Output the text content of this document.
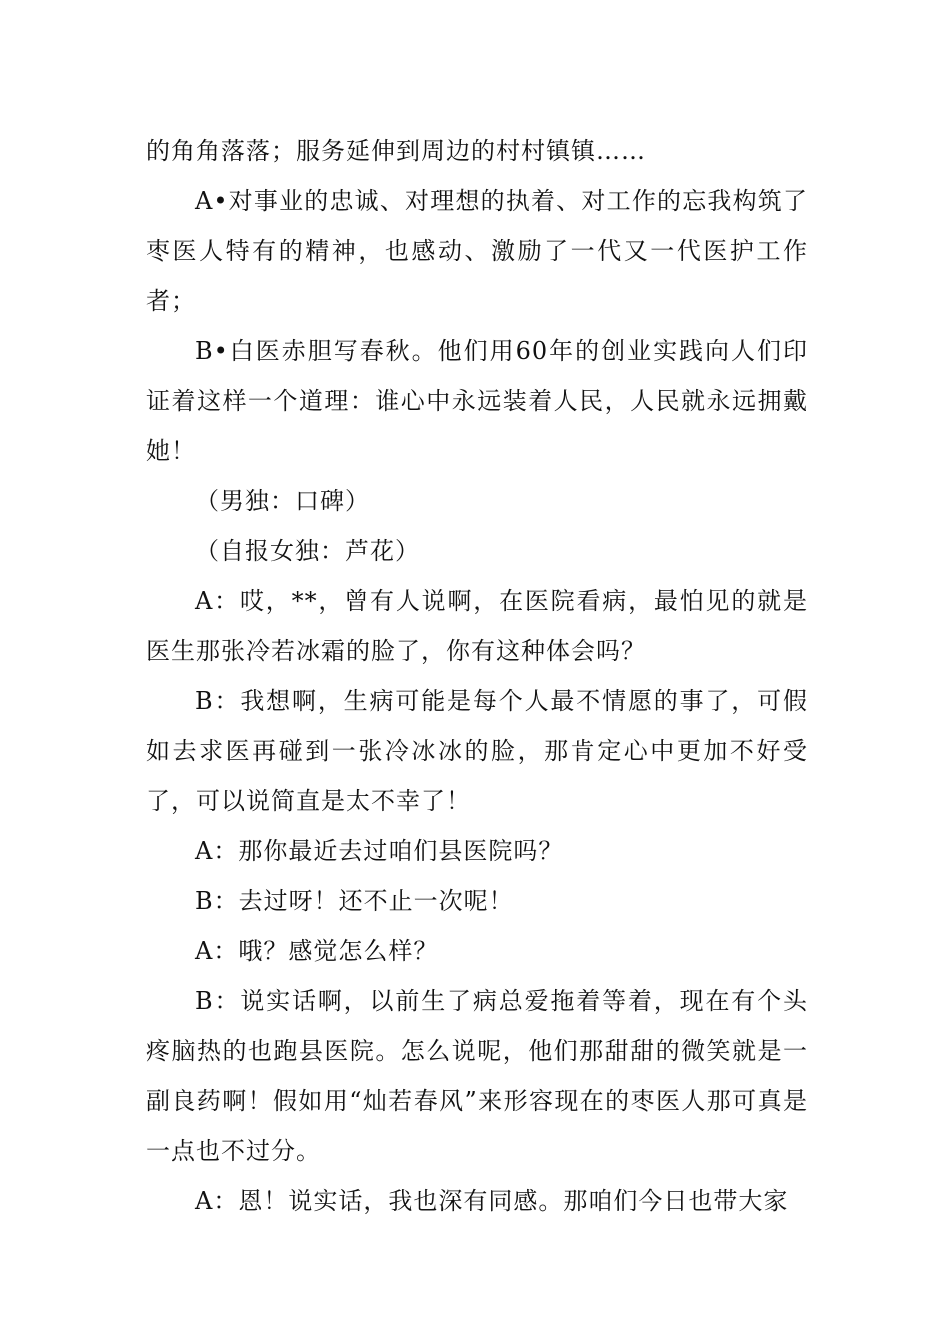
的角角落落；服务延伸到周边的村村镇镇……

A•对事业的忠诚、对理想的执着、对工作的忘我构筑了枣医人特有的精神，也感动、激励了一代又一代医护工作者；

B•白医赤胆写春秋。他们用60年的创业实践向人们印证着这样一个道理：谁心中永远装着人民，人民就永远拥戴她！

（男独：口碑）

（自报女独：芦花）

A：哎，**，曾有人说啊，在医院看病，最怕见的就是医生那张冷若冰霜的脸了，你有这种体会吗？

B：我想啊，生病可能是每个人最不情愿的事了，可假如去求医再碰到一张冷冰冰的脸，那肯定心中更加不好受了，可以说简直是太不幸了！

A：那你最近去过咱们县医院吗？

B：去过呀！还不止一次呢！

A：哦？感觉怎么样？

B：说实话啊，以前生了病总爱拖着等着，现在有个头疼脑热的也跑县医院。怎么说呢，他们那甜甜的微笑就是一副良药啊！假如用“灿若春风”来形容现在的枣医人那可真是一点也不过分。

A：恩！说实话，我也深有同感。那咱们今日也带大家
